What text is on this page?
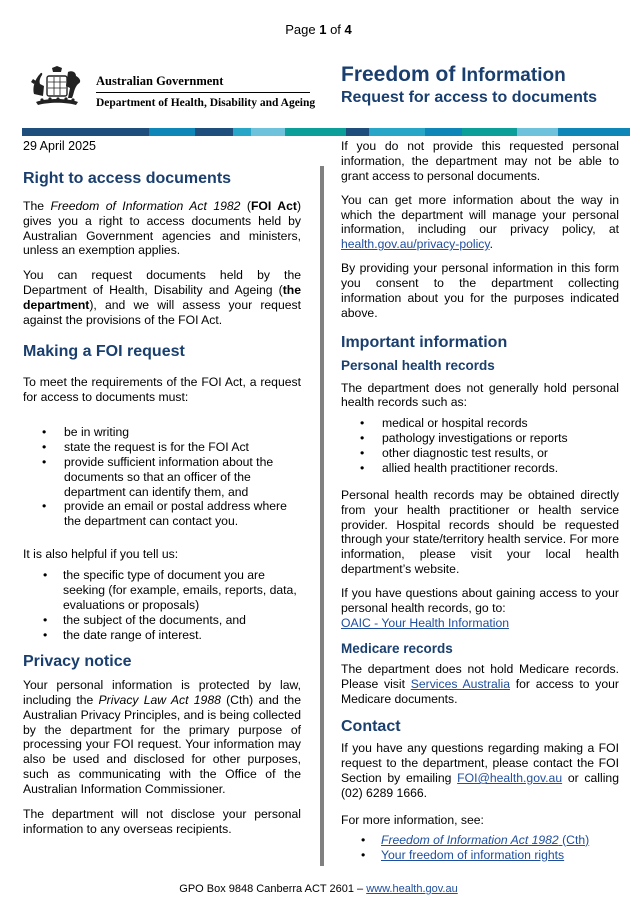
Page 1 of 4
Australian Government
Department of Health, Disability and Ageing
Freedom of Information
Request for access to documents
29 April 2025
Right to access documents

The Freedom of Information Act 1982 (FOI Act) gives you a right to access documents held by Australian Government agencies and ministers, unless an exemption applies.

You can request documents held by the Department of Health, Disability and Ageing (the department), and we will assess your request against the provisions of the FOI Act.

Making a FOI request

To meet the requirements of the FOI Act, a request for access to documents must:

• be in writing
• state the request is for the FOI Act
• provide sufficient information about the documents so that an officer of the department can identify them, and
• provide an email or postal address where the department can contact you.

It is also helpful if you tell us:

• the specific type of document you are seeking (for example, emails, reports, data, evaluations or proposals)
• the subject of the documents, and
• the date range of interest.
Privacy notice

Your personal information is protected by law, including the Privacy Law Act 1988 (Cth) and the Australian Privacy Principles, and is being collected by the department for the primary purpose of processing your FOI request. Your information may also be used and disclosed for other purposes, such as communicating with the Office of the Australian Information Commissioner.

The department will not disclose your personal information to any overseas recipients.

If you do not provide this requested personal information, the department may not be able to grant access to personal documents.

You can get more information about the way in which the department will manage your personal information, including our privacy policy, at health.gov.au/privacy-policy.

By providing your personal information in this form you consent to the department collecting information about you for the purposes indicated above.

Important information
Personal health records

The department does not generally hold personal health records such as:

• medical or hospital records
• pathology investigations or reports
• other diagnostic test results, or
• allied health practitioner records.

Personal health records may be obtained directly from your health practitioner or health service provider. Hospital records should be requested through your state/territory health service. For more information, please visit your local health department’s website.

If you have questions about gaining access to your personal health records, go to:

OAIC - Your Health Information
Medicare records

The department does not hold Medicare records. Please visit Services Australia for access to your Medicare documents.

Contact

If you have any questions regarding making a FOI request to the department, please contact the FOI Section by emailing FOI@health.gov.au or calling (02) 6289 1666.

For more information, see:

• Freedom of Information Act 1982 (Cth)
• Your freedom of information rights
GPO Box 9848 Canberra ACT 2601 – www.health.gov.au
